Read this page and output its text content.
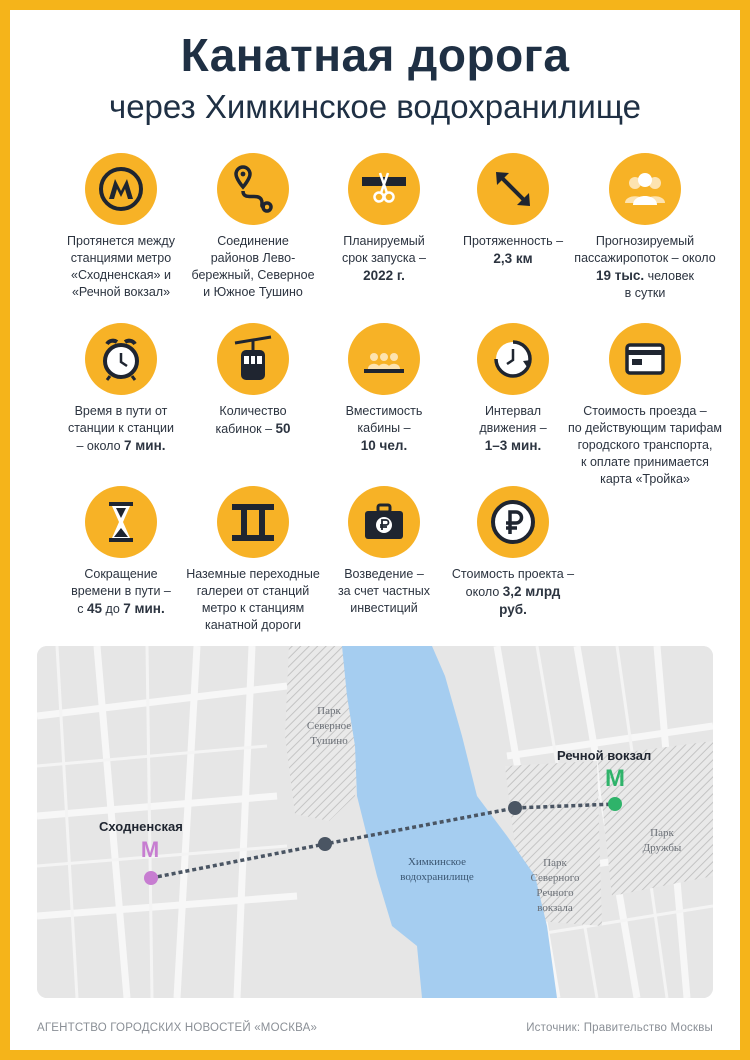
Канатная дорога
через Химкинское водохранилище
Протянется между
станциями метро
«Сходненская» и
«Речной вокзал»
Соединение
районов Лево-
бережный, Северное
и Южное Тушино
Планируемый
срок запуска –
2022 г.
Протяженность –
2,3 км
Прогнозируемый
пассажиропоток – около
19 тыс. человек
в сутки
Время в пути от
станции к станции
– около 7 мин.
Количество
кабинок – 50
Вместимость
кабины –
10 чел.
Интервал
движения –
1–3 мин.
Стоимость проезда –
по действующим тарифам
городского транспорта,
к оплате принимается
карта «Тройка»
Сокращение
времени в пути –
с 45 до 7 мин.
Наземные переходные
галереи от станций
метро к станциям
канатной дороги
Возведение –
за счет частных
инвестиций
Стоимость проекта –
около 3,2 млрд
руб.
Парк
Северное
Тушино
Химкинское
водохранилище
Парк
Северного
Речного
вокзала
Парк
Дружбы
Сходненская
М
Речной вокзал
М
АГЕНТСТВО ГОРОДСКИХ НОВОСТЕЙ «МОСКВА»	Источник: Правительство Москвы
